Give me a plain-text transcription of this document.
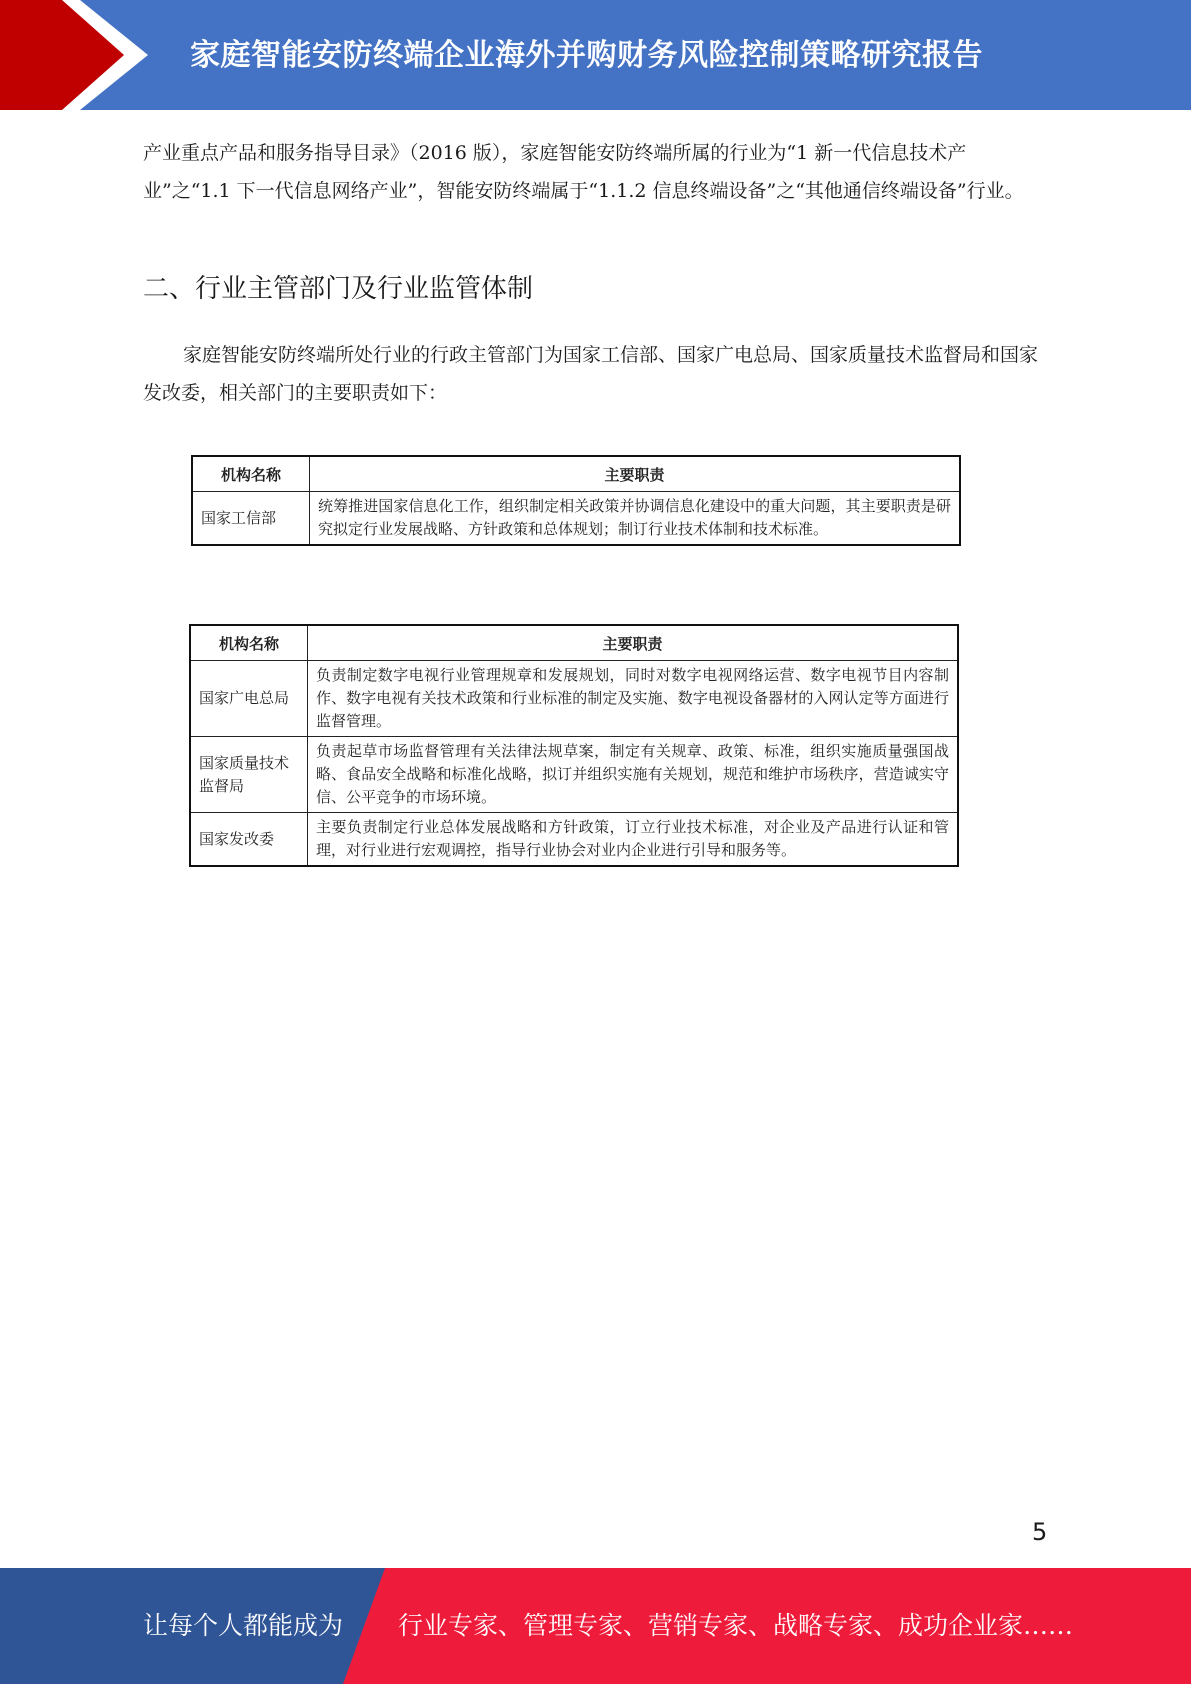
家庭智能安防终端企业海外并购财务风险控制策略研究报告

产业重点产品和服务指导目录》（2016 版），家庭智能安防终端所属的行业为“1 新一代信息技术产业”之“1.1 下一代信息网络产业”，智能安防终端属于“1.1.2 信息终端设备”之“其他通信终端设备”行业。

二、行业主管部门及行业监管体制

家庭智能安防终端所处行业的行政主管部门为国家工信部、国家广电总局、国家质量技术监督局和国家发改委，相关部门的主要职责如下：

机构名称	主要职责
国家工信部	统筹推进国家信息化工作，组织制定相关政策并协调信息化建设中的重大问题，其主要职责是研究拟定行业发展战略、方针政策和总体规划；制订行业技术体制和技术标准。
机构名称	主要职责
国家广电总局	负责制定数字电视行业管理规章和发展规划，同时对数字电视网络运营、数字电视节目内容制作、数字电视有关技术政策和行业标准的制定及实施、数字电视设备器材的入网认定等方面进行监督管理。
国家质量技术监督局	负责起草市场监督管理有关法律法规草案，制定有关规章、政策、标准，组织实施质量强国战略、食品安全战略和标准化战略，拟订并组织实施有关规划，规范和维护市场秩序，营造诚实守信、公平竞争的市场环境。
国家发改委	主要负责制定行业总体发展战略和方针政策，订立行业技术标准，对企业及产品进行认证和管理，对行业进行宏观调控，指导行业协会对业内企业进行引导和服务等。
5
让每个人都能成为 行业专家、管理专家、营销专家、战略专家、成功企业家……
